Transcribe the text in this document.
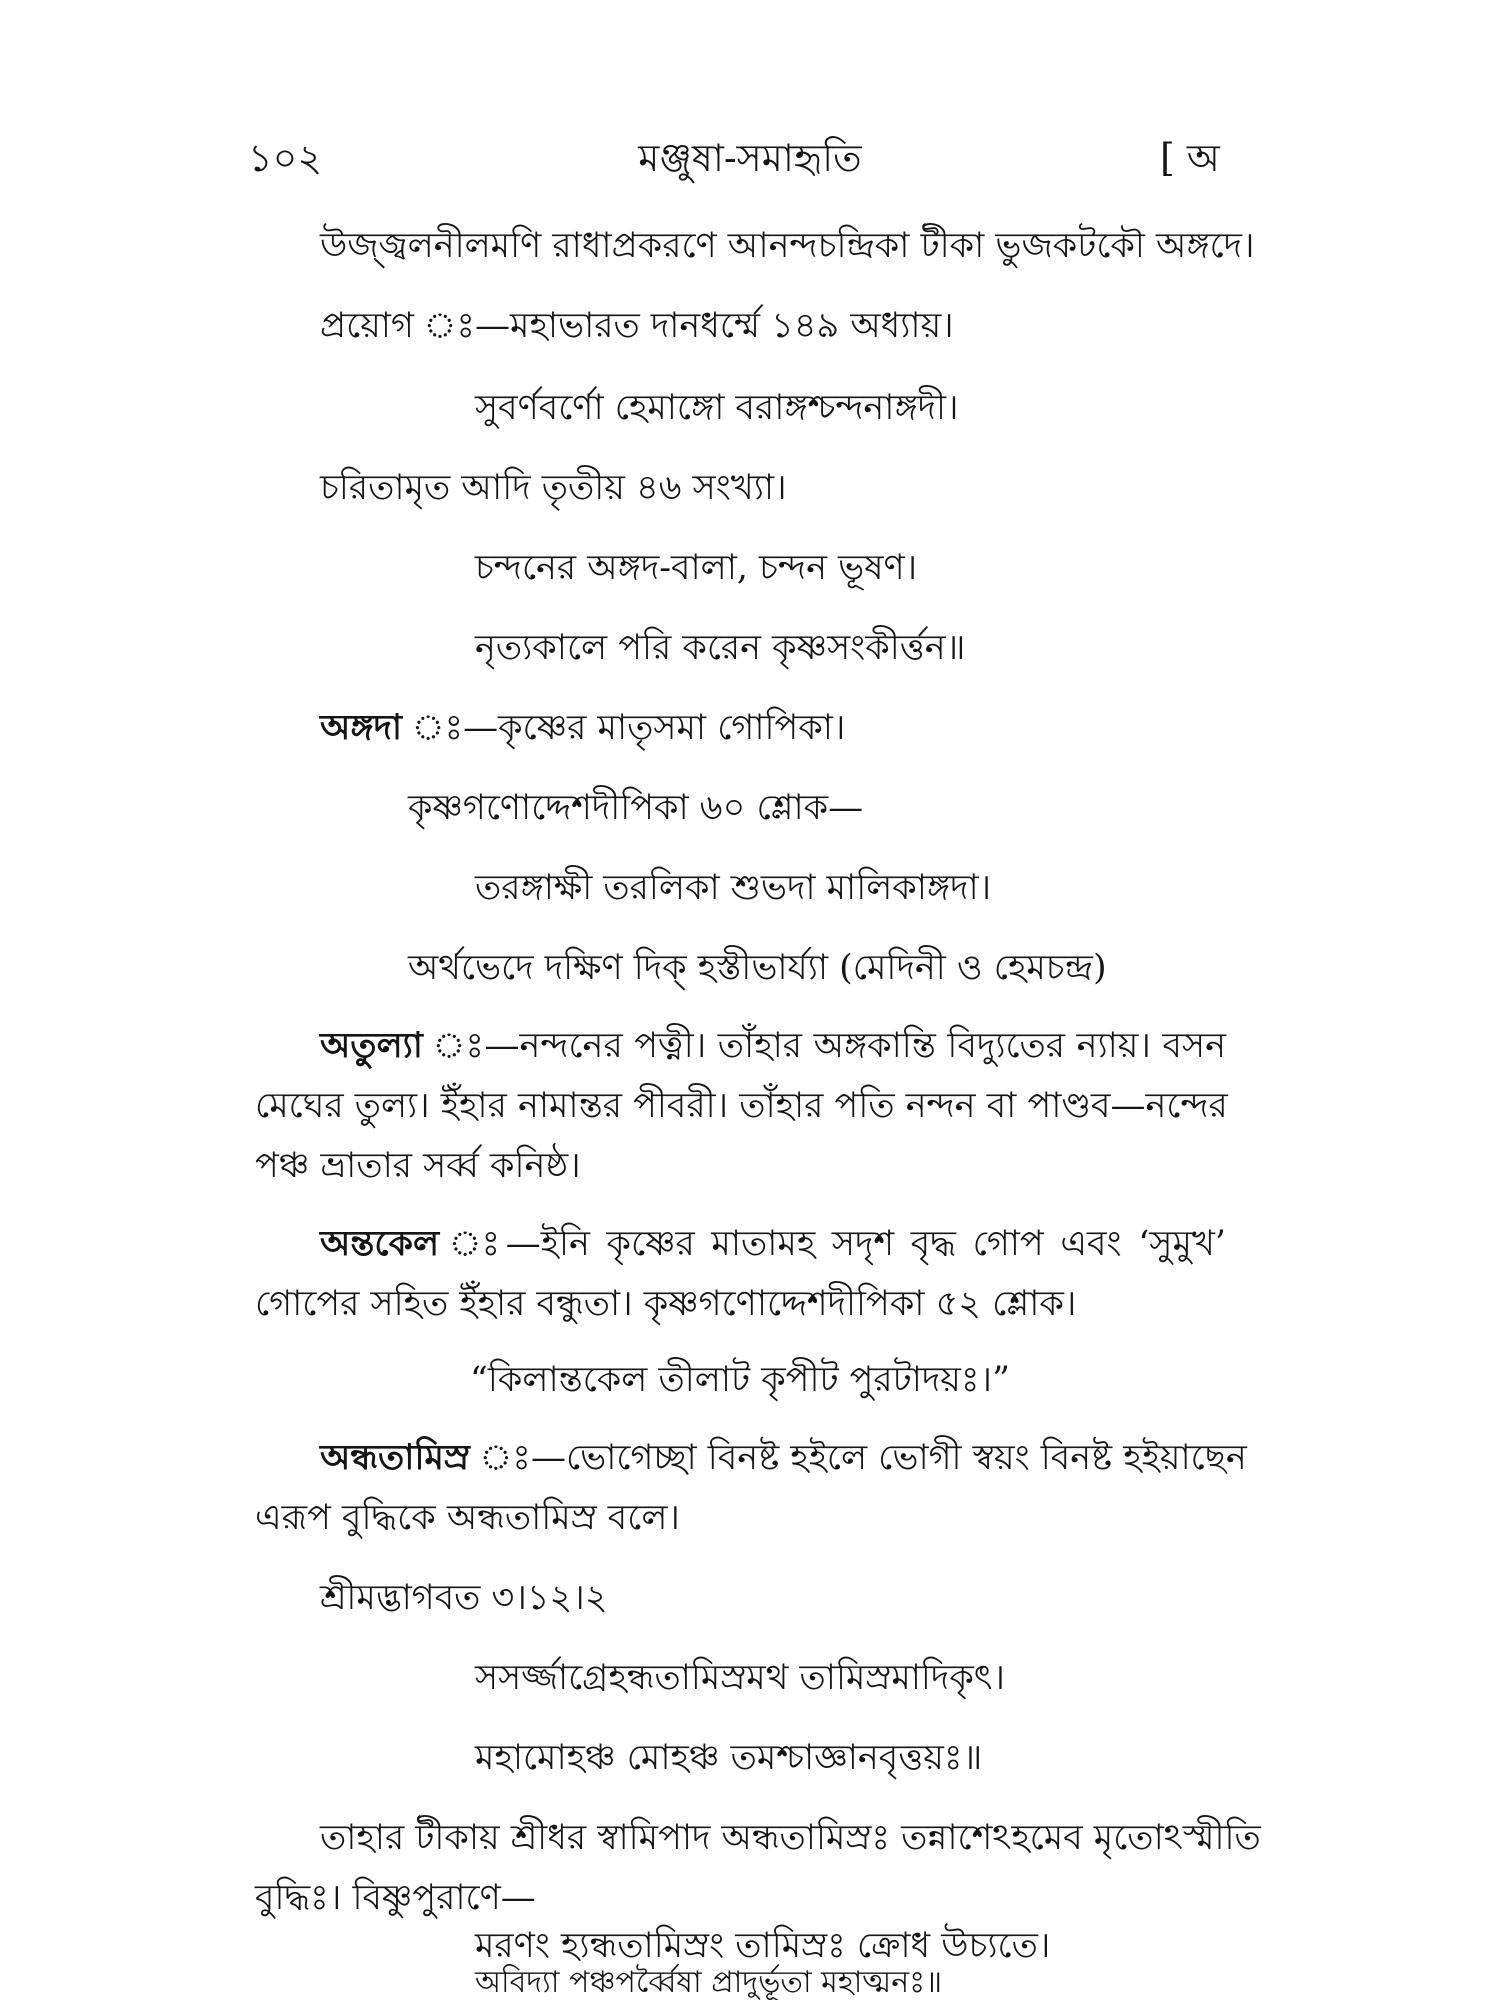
১০২	মঞ্জুষা-সমাহৃতি	[ অ
উজ্জ্বলনীলমণি রাধাপ্রকরণে আনন্দচন্দ্রিকা টীকা ভুজকটকৌ অঙ্গদে।
প্রয়োগ ঃ—মহাভারত দানধর্ম্মে ১৪৯ অধ্যায়।
সুবর্ণবর্ণো হেমাঙ্গো বরাঙ্গশ্চন্দনাঙ্গদী।
চরিতামৃত আদি তৃতীয় ৪৬ সংখ্যা।
চন্দনের অঙ্গদ-বালা, চন্দন ভূষণ।
নৃত্যকালে পরি করেন কৃষ্ণসংকীর্ত্তন॥
অঙ্গদা ঃ—কৃষ্ণের মাতৃসমা গোপিকা।
কৃষ্ণগণোদ্দেশদীপিকা ৬০ শ্লোক—
তরঙ্গাক্ষী তরলিকা শুভদা মালিকাঙ্গদা।
অর্থভেদে দক্ষিণ দিক্ হস্তীভার্য্যা (মেদিনী ও হেমচন্দ্র)
অতুল্যা ঃ—নন্দনের পত্নী। তাঁহার অঙ্গকান্তি বিদ্যুতের ন্যায়। বসন
মেঘের তুল্য। ইঁহার নামান্তর পীবরী। তাঁহার পতি নন্দন বা পাণ্ডব—নন্দের
পঞ্চ ভ্রাতার সর্ব্ব কনিষ্ঠ।
অন্তকেল ঃ—ইনি কৃষ্ণের মাতামহ সদৃশ বৃদ্ধ গোপ এবং ‘সুমুখ’
গোপের সহিত ইঁহার বন্ধুতা। কৃষ্ণগণোদ্দেশদীপিকা ৫২ শ্লোক।
“কিলান্তকেল তীলাট কৃপীট পুরটাদয়ঃ।”
অন্ধতামিস্র ঃ—ভোগেচ্ছা বিনষ্ট হইলে ভোগী স্বয়ং বিনষ্ট হইয়াছেন
এরূপ বুদ্ধিকে অন্ধতামিস্র বলে।
শ্রীমদ্ভাগবত ৩।১২।২
সসর্জ্জাগ্রেহন্ধতামিস্রমথ তামিস্রমাদিকৃৎ।
মহামোহঞ্চ মোহঞ্চ তমশ্চাজ্ঞানবৃত্তয়ঃ॥
তাহার টীকায় শ্রীধর স্বামিপাদ অন্ধতামিস্রঃ তন্নাশেঽহমেব মৃতোঽস্মীতি
বুদ্ধিঃ। বিষ্ণুপুরাণে—
মরণং হ্যন্ধতামিস্রং তামিস্রঃ ক্রোধ উচ্যতে।
অবিদ্যা পঞ্চপর্ব্বৈষা প্রাদুর্ভূতা মহাত্মনঃ॥
